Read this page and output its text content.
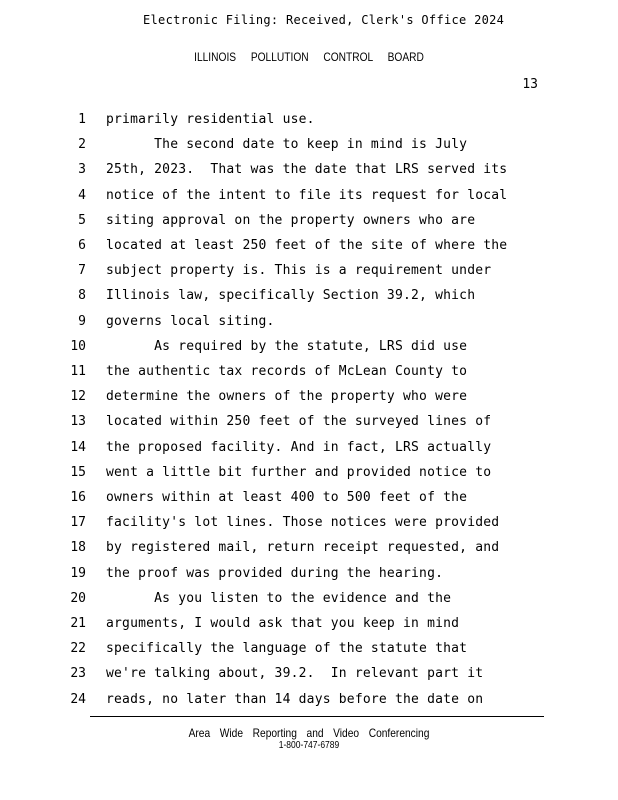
Electronic Filing: Received, Clerk's Office 2024
ILLINOIS POLLUTION CONTROL BOARD
13
1 primarily residential use.
2 The second date to keep in mind is July
3 25th, 2023.  That was the date that LRS served its
4 notice of the intent to file its request for local
5 siting approval on the property owners who are
6 located at least 250 feet of the site of where the
7 subject property is. This is a requirement under
8 Illinois law, specifically Section 39.2, which
9 governs local siting.
10 As required by the statute, LRS did use
11 the authentic tax records of McLean County to
12 determine the owners of the property who were
13 located within 250 feet of the surveyed lines of
14 the proposed facility. And in fact, LRS actually
15 went a little bit further and provided notice to
16 owners within at least 400 to 500 feet of the
17 facility's lot lines. Those notices were provided
18 by registered mail, return receipt requested, and
19 the proof was provided during the hearing.
20 As you listen to the evidence and the
21 arguments, I would ask that you keep in mind
22 specifically the language of the statute that
23 we're talking about, 39.2.  In relevant part it
24 reads, no later than 14 days before the date on
Area Wide Reporting and Video Conferencing
1-800-747-6789
